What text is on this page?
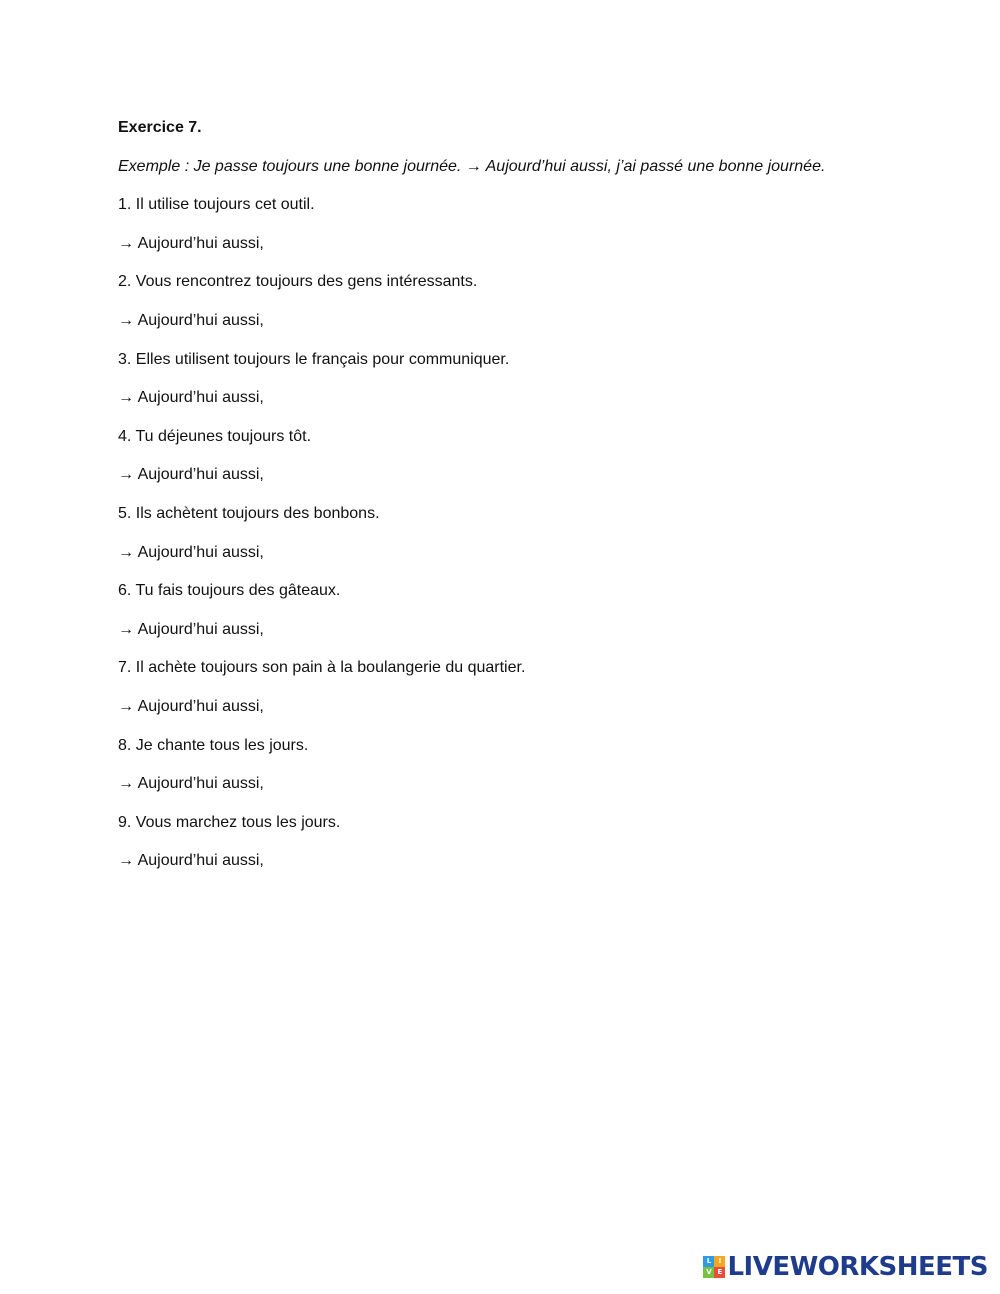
Exercice 7.
Exemple : Je passe toujours une bonne journée. → Aujourd’hui aussi, j’ai passé une bonne journée.
1. Il utilise toujours cet outil.
→ Aujourd’hui aussi,
2. Vous rencontrez toujours des gens intéressants.
→ Aujourd’hui aussi,
3. Elles utilisent toujours le français pour communiquer.
→ Aujourd’hui aussi,
4. Tu déjeunes toujours tôt.
→ Aujourd’hui aussi,
5. Ils achètent toujours des bonbons.
→ Aujourd’hui aussi,
6. Tu fais toujours des gâteaux.
→ Aujourd’hui aussi,
7. Il achète toujours son pain à la boulangerie du quartier.
→ Aujourd’hui aussi,
8. Je chante tous les jours.
→ Aujourd’hui aussi,
9. Vous marchez tous les jours.
→ Aujourd’hui aussi,
L	I
V E LIVEWORKSHEETS
